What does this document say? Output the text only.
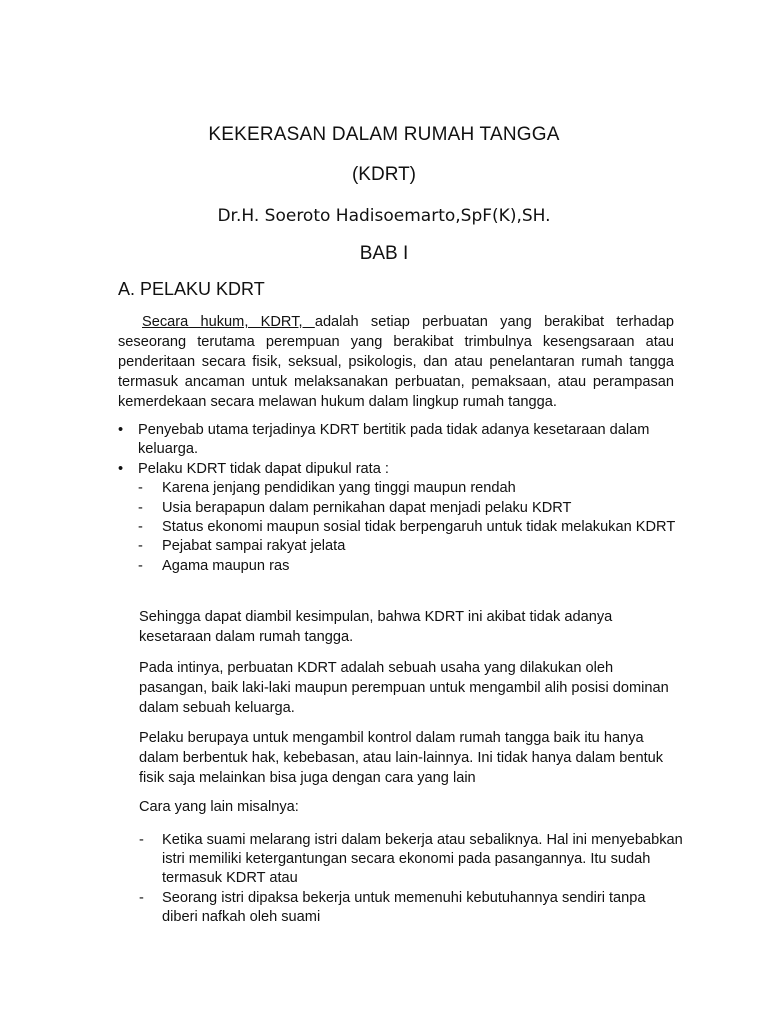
KEKERASAN DALAM RUMAH TANGGA
(KDRT)
Dr.H. Soeroto Hadisoemarto,SpF(K),SH.
BAB I
A. PELAKU KDRT
Secara hukum, KDRT, adalah setiap perbuatan yang berakibat terhadap seseorang terutama perempuan yang berakibat trimbulnya kesengsaraan atau penderitaan secara fisik, seksual, psikologis, dan atau penelantaran rumah tangga termasuk ancaman untuk melaksanakan perbuatan, pemaksaan, atau perampasan kemerdekaan secara melawan hukum dalam lingkup rumah tangga.
•	Penyebab utama terjadinya KDRT bertitik pada tidak adanya kesetaraan dalam keluarga.
•	Pelaku KDRT tidak dapat dipukul rata :
- Karena jenjang pendidikan yang tinggi maupun rendah
- Usia berapapun dalam pernikahan dapat menjadi pelaku KDRT
- Status ekonomi maupun sosial tidak berpengaruh untuk tidak melakukan KDRT
- Pejabat sampai rakyat jelata
- Agama maupun ras
Sehingga dapat diambil kesimpulan, bahwa KDRT ini akibat tidak adanya kesetaraan dalam rumah tangga.
Pada intinya, perbuatan KDRT adalah sebuah usaha yang dilakukan oleh pasangan, baik laki-laki maupun perempuan untuk mengambil alih posisi dominan dalam sebuah keluarga.
Pelaku berupaya untuk mengambil kontrol dalam rumah tangga baik itu hanya dalam berbentuk hak, kebebasan, atau lain-lainnya. Ini tidak hanya dalam bentuk fisik saja melainkan bisa juga dengan cara yang lain
Cara yang lain misalnya:
- Ketika suami melarang istri dalam bekerja atau sebaliknya. Hal ini menyebabkan istri memiliki ketergantungan secara ekonomi pada pasangannya. Itu sudah termasuk KDRT atau
- Seorang istri dipaksa bekerja untuk memenuhi kebutuhannya sendiri tanpa diberi nafkah oleh suami
